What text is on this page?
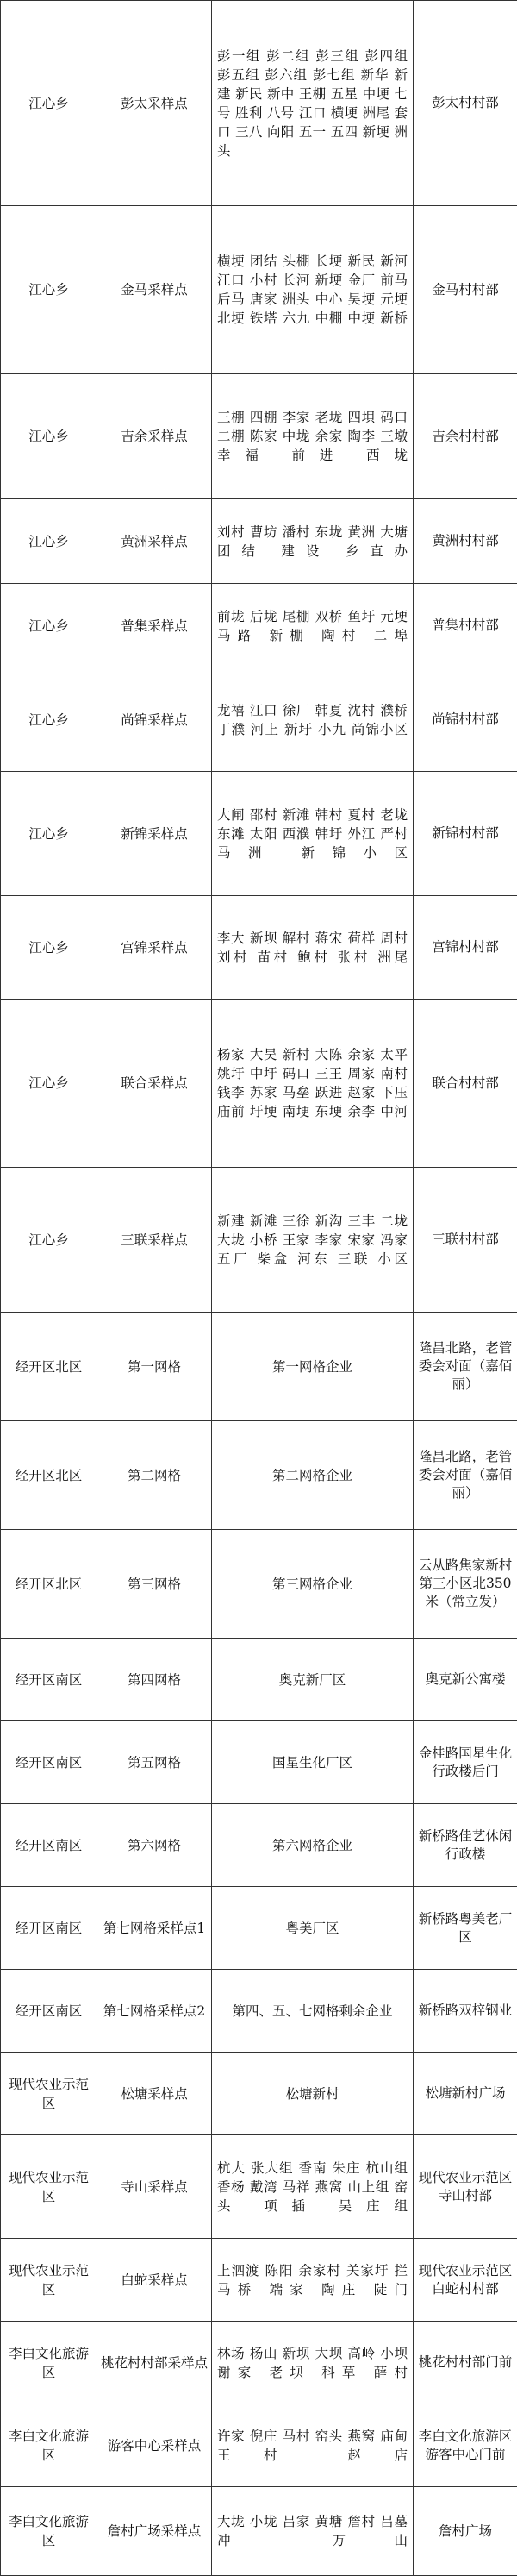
江心乡	彭太采样点	彭一组 彭二组 彭三组 彭四组 彭五组 彭六组 彭七组 新华 新建 新民 新中 王棚 五星 中埂 七号 胜利 八号 江口 横埂 洲尾 套口 三八 向阳 五一 五四 新埂 洲头	彭太村村部
江心乡	金马采样点	横埂 团结 头棚 长埂 新民 新河 江口 小村 长河 新埂 金厂 前马 后马 唐家 洲头 中心 吴埂 元埂 北埂 铁塔 六九 中棚 中埂 新桥	金马村村部
江心乡	吉余采样点	三棚 四棚 李家 老垅 四垻 码口 二棚 陈家 中垅 余家 陶李 三墩 幸福 前进 西垅	吉余村村部
江心乡	黄洲采样点	刘村 曹坊 潘村 东垅 黄洲 大塘 团结 建设 乡直办	黄洲村村部
江心乡	普集采样点	前垅 后垅 尾棚 双桥 鱼圩 元埂 马路 新棚 陶村 二埠	普集村村部
江心乡	尚锦采样点	龙禧 江口 徐厂 韩夏 沈村 濮桥 丁濮 河上 新圩 小九 尚锦小区	尚锦村村部
江心乡	新锦采样点	大闸 邵村 新滩 韩村 夏村 老垅 东滩 太阳 西濮 韩圩 外江 严村 马洲 新锦小区	新锦村村部
江心乡	宫锦采样点	李大 新坝 解村 蒋宋 荷样 周村 刘村 苗村 鲍村 张村 洲尾	宫锦村村部
江心乡	联合采样点	杨家 大吴 新村 大陈 余家 太平 姚圩 中圩 码口 三王 周家 南村 钱李 苏家 马垒 跃进 赵家 下压 庙前 圩埂 南埂 东埂 余李 中河	联合村村部
江心乡	三联采样点	新建 新滩 三徐 新沟 三丰 二垅 大垅 小桥 王家 李家 宋家 冯家 五厂 柴盒 河东 三联 小区	三联村村部
经开区北区	第一网格	第一网格企业	隆昌北路，老管委会对面（嘉佰丽）
经开区北区	第二网格	第二网格企业	隆昌北路，老管委会对面（嘉佰丽）
经开区北区	第三网格	第三网格企业	云从路焦家新村第三小区北350米（常立发）
经开区南区	第四网格	奥克新厂区	奥克新公寓楼
经开区南区	第五网格	国星生化厂区	金桂路国星生化行政楼后门
经开区南区	第六网格	第六网格企业	新桥路佳艺休闲行政楼
经开区南区	第七网格采样点1	粤美厂区	新桥路粤美老厂区
经开区南区	第七网格采样点2	第四、五、七网格剩余企业	新桥路双梓钢业
现代农业示范区	松塘采样点	松塘新村	松塘新村广场
现代农业示范区	寺山采样点	杭大 张大组 香南 朱庄 杭山组 香杨 戴湾 马祥 燕窝 山上组 窑头 项插 吴庄组	现代农业示范区寺山村部
现代农业示范区	白蛇采样点	上泗渡 陈阳 余家村 关家圩 拦马桥 端家 陶庄 陡门	现代农业示范区白蛇村村部
李白文化旅游区	桃花村村部采样点	林场 杨山 新坝 大坝 高岭 小坝 谢家 老坝 科草 薛村	桃花村村部门前
李白文化旅游区	游客中心采样点	许家 倪庄 马村 窑头 燕窝 庙甸 王村 赵店	李白文化旅游区游客中心门前
李白文化旅游区	詹村广场采样点	大垅 小垅 吕家 黄塘 詹村 吕墓冲 万山	詹村广场
